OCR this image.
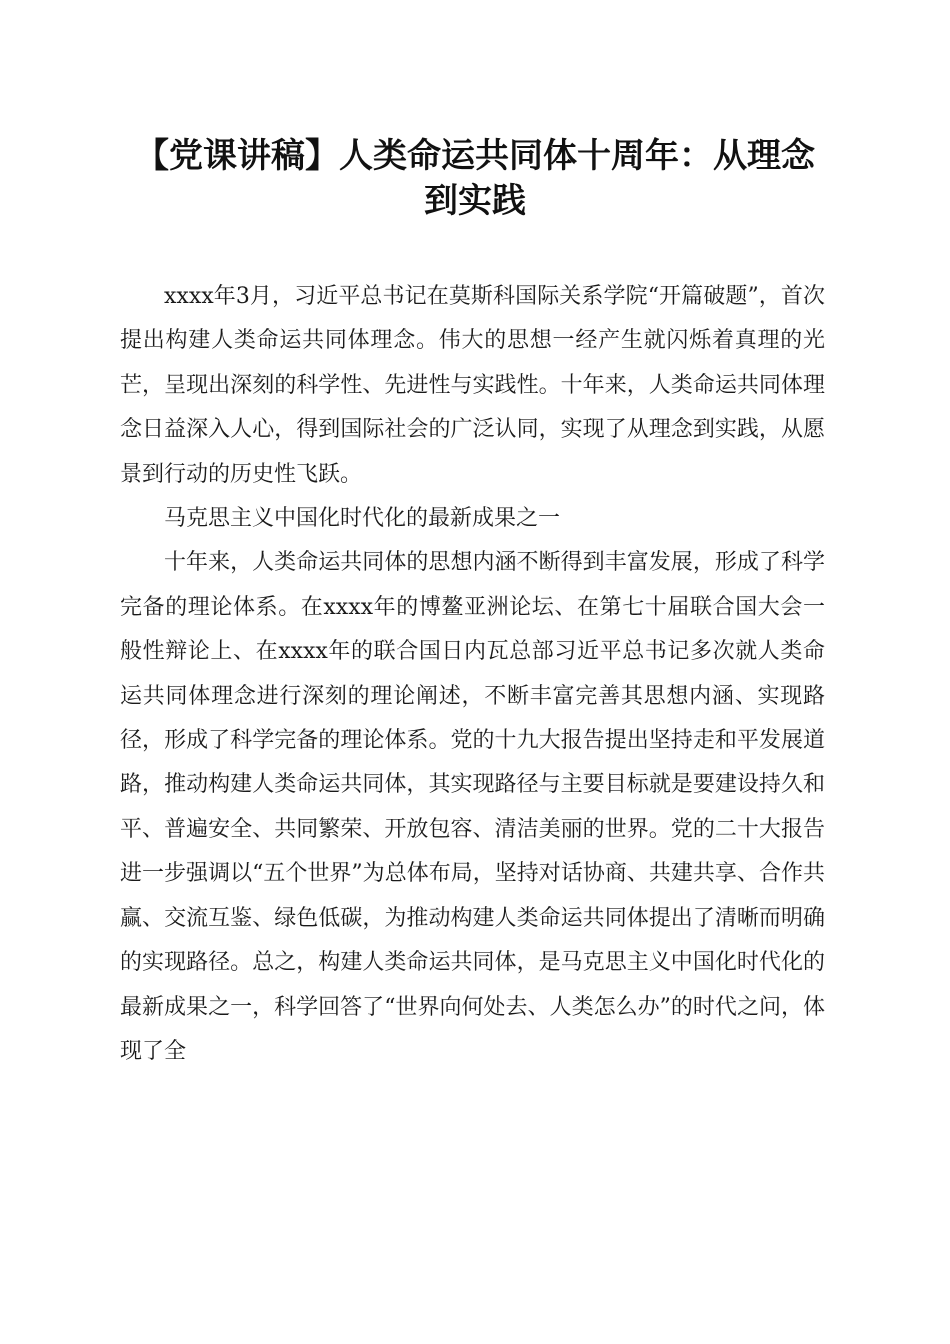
【党课讲稿】人类命运共同体十周年：从理念到实践

xxxx年3月，习近平总书记在莫斯科国际关系学院“开篇破题”，首次提出构建人类命运共同体理念。伟大的思想一经产生就闪烁着真理的光芒，呈现出深刻的科学性、先进性与实践性。十年来，人类命运共同体理念日益深入人心，得到国际社会的广泛认同，实现了从理念到实践，从愿景到行动的历史性飞跃。

马克思主义中国化时代化的最新成果之一

十年来，人类命运共同体的思想内涵不断得到丰富发展，形成了科学完备的理论体系。在xxxx年的博鳌亚洲论坛、在第七十届联合国大会一般性辩论上、在xxxx年的联合国日内瓦总部习近平总书记多次就人类命运共同体理念进行深刻的理论阐述，不断丰富完善其思想内涵、实现路径，形成了科学完备的理论体系。党的十九大报告提出坚持走和平发展道路，推动构建人类命运共同体，其实现路径与主要目标就是要建设持久和平、普遍安全、共同繁荣、开放包容、清洁美丽的世界。党的二十大报告进一步强调以“五个世界”为总体布局，坚持对话协商、共建共享、合作共赢、交流互鉴、绿色低碳，为推动构建人类命运共同体提出了清晰而明确的实现路径。总之，构建人类命运共同体，是马克思主义中国化时代化的最新成果之一，科学回答了“世界向何处去、人类怎么办”的时代之问，体现了全
